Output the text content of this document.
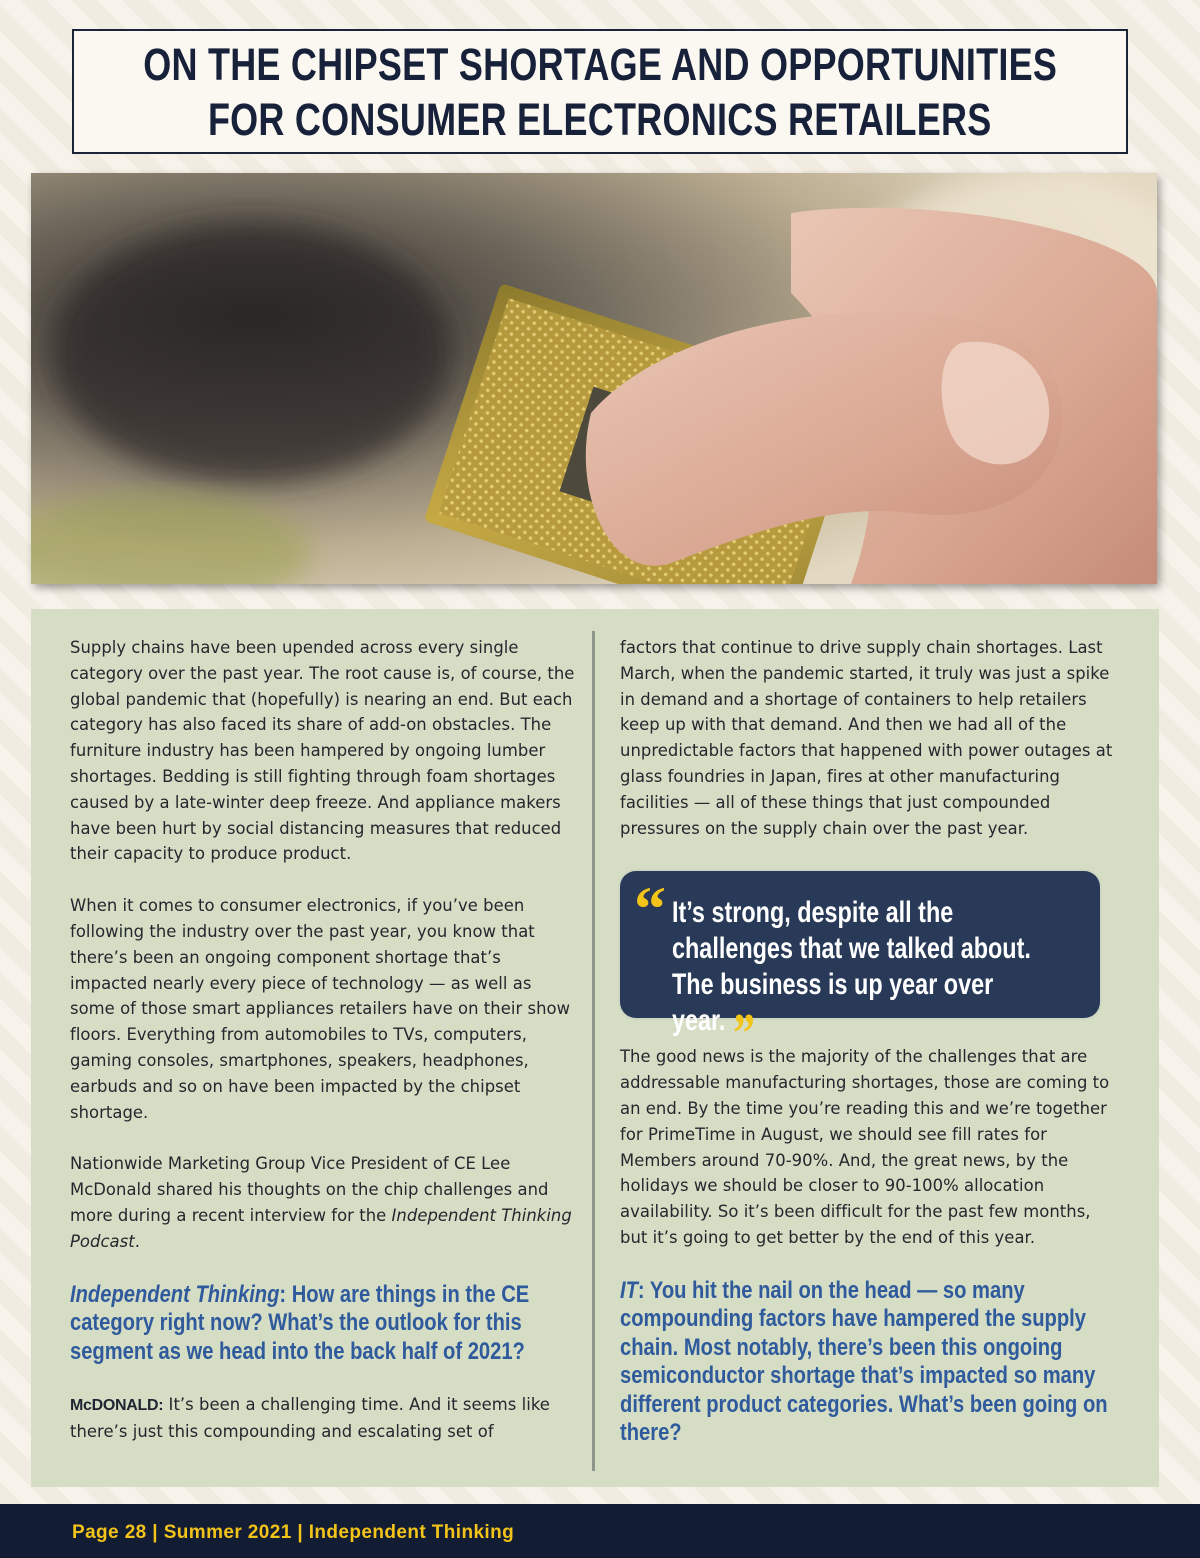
ON THE CHIPSET SHORTAGE AND OPPORTUNITIES
FOR CONSUMER ELECTRONICS RETAILERS

Supply chains have been upended across every single category over the past year. The root cause is, of course, the global pandemic that (hopefully) is nearing an end. But each category has also faced its share of add-on obstacles. The furniture industry has been hampered by ongoing lumber shortages. Bedding is still fighting through foam shortages caused by a late-winter deep freeze. And appliance makers have been hurt by social distancing measures that reduced their capacity to produce product.

When it comes to consumer electronics, if you’ve been following the industry over the past year, you know that there’s been an ongoing component shortage that’s impacted nearly every piece of technology — as well as some of those smart appliances retailers have on their show floors. Everything from automobiles to TVs, computers, gaming consoles, smartphones, speakers, headphones, earbuds and so on have been impacted by the chipset shortage.

Nationwide Marketing Group Vice President of CE Lee McDonald shared his thoughts on the chip challenges and more during a recent interview for the Independent Thinking Podcast.

Independent Thinking: How are things in the CE category right now? What’s the outlook for this segment as we head into the back half of 2021?

McDONALD: It’s been a challenging time. And it seems like there’s just this compounding and escalating set of

factors that continue to drive supply chain shortages. Last March, when the pandemic started, it truly was just a spike in demand and a shortage of containers to help retailers keep up with that demand. And then we had all of the unpredictable factors that happened with power outages at glass foundries in Japan, fires at other manufacturing facilities — all of these things that just compounded pressures on the supply chain over the past year.

“ It’s strong, despite all the challenges that we talked about. The business is up year over year. ”

The good news is the majority of the challenges that are addressable manufacturing shortages, those are coming to an end. By the time you’re reading this and we’re together for PrimeTime in August, we should see fill rates for Members around 70-90%. And, the great news, by the holidays we should be closer to 90-100% allocation availability. So it’s been difficult for the past few months, but it’s going to get better by the end of this year.

IT: You hit the nail on the head — so many compounding factors have hampered the supply chain. Most notably, there’s been this ongoing semiconductor shortage that’s impacted so many different product categories. What’s been going on there?

Page 28 | Summer 2021 | Independent Thinking
